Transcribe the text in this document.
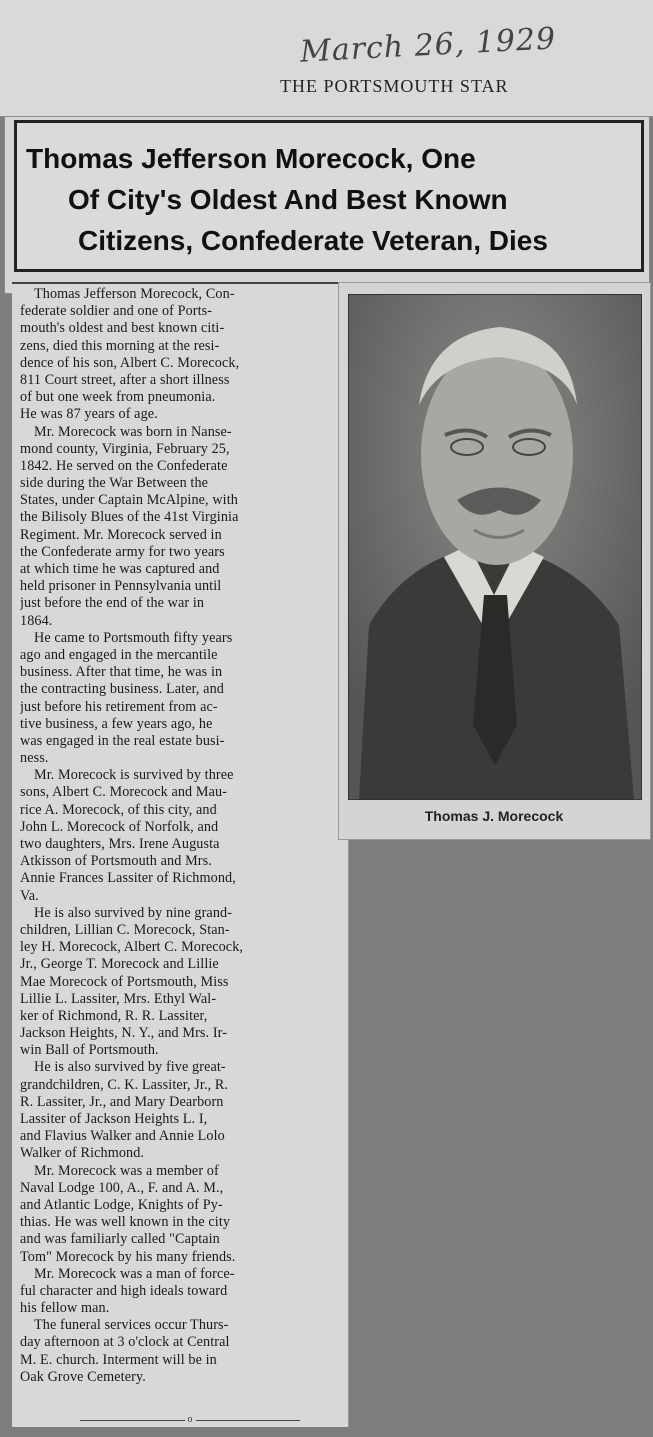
March 26, 1929
THE PORTSMOUTH STAR
Thomas Jefferson Morecock, One
Of City's Oldest And Best Known
Citizens, Confederate Veteran, Dies
Thomas J. Morecock
Thomas Jefferson Morecock, Con-
federate soldier and one of Ports-
mouth's oldest and best known citi-
zens, died this morning at the resi-
dence of his son, Albert C. Morecock,
811 Court street, after a short illness
of but one week from pneumonia.
He was 87 years of age.
Mr. Morecock was born in Nanse-
mond county, Virginia, February 25,
1842. He served on the Confederate
side during the War Between the
States, under Captain McAlpine, with
the Bilisoly Blues of the 41st Virginia
Regiment. Mr. Morecock served in
the Confederate army for two years
at which time he was captured and
held prisoner in Pennsylvania until
just before the end of the war in
1864.
He came to Portsmouth fifty years
ago and engaged in the mercantile
business. After that time, he was in
the contracting business. Later, and
just before his retirement from ac-
tive business, a few years ago, he
was engaged in the real estate busi-
ness.
Mr. Morecock is survived by three
sons, Albert C. Morecock and Mau-
rice A. Morecock, of this city, and
John L. Morecock of Norfolk, and
two daughters, Mrs. Irene Augusta
Atkisson of Portsmouth and Mrs.
Annie Frances Lassiter of Richmond,
Va.
He is also survived by nine grand-
children, Lillian C. Morecock, Stan-
ley H. Morecock, Albert C. Morecock,
Jr., George T. Morecock and Lillie
Mae Morecock of Portsmouth, Miss
Lillie L. Lassiter, Mrs. Ethyl Wal-
ker of Richmond, R. R. Lassiter,
Jackson Heights, N. Y., and Mrs. Ir-
win Ball of Portsmouth.
He is also survived by five great-
grandchildren, C. K. Lassiter, Jr., R.
R. Lassiter, Jr., and Mary Dearborn
Lassiter of Jackson Heights L. I,
and Flavius Walker and Annie Lolo
Walker of Richmond.
Mr. Morecock was a member of
Naval Lodge 100, A., F. and A. M.,
and Atlantic Lodge, Knights of Py-
thias. He was well known in the city
and was familiarly called "Captain
Tom" Morecock by his many friends.
Mr. Morecock was a man of force-
ful character and high ideals toward
his fellow man.
The funeral services occur Thurs-
day afternoon at 3 o'clock at Central
M. E. church. Interment will be in
Oak Grove Cemetery.
o
